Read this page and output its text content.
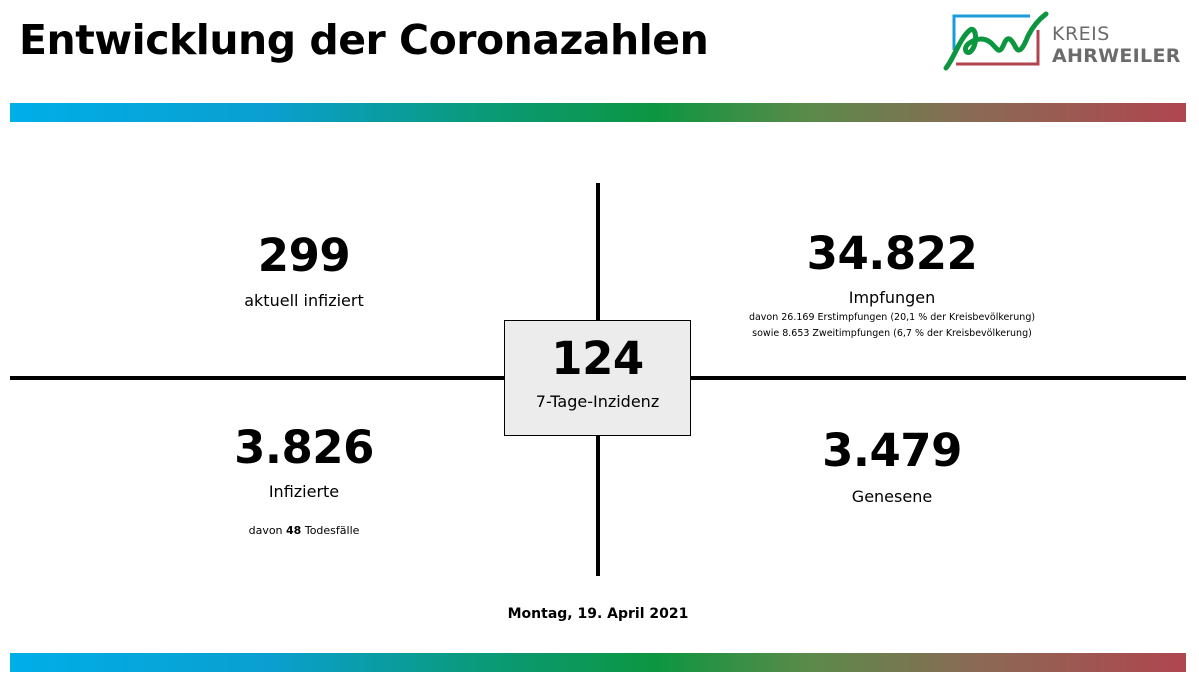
Entwicklung der Coronazahlen	KREIS
AHRWEILER
299
aktuell infiziert
34.822
Impfungen
davon 26.169 Erstimpfungen (20,1 % der Kreisbevölkerung)
sowie 8.653 Zweitimpfungen (6,7 % der Kreisbevölkerung)
124
7-Tage-Inzidenz
3.826
Infizierte
davon 48 Todesfälle
3.479
Genesene
Montag, 19. April 2021
